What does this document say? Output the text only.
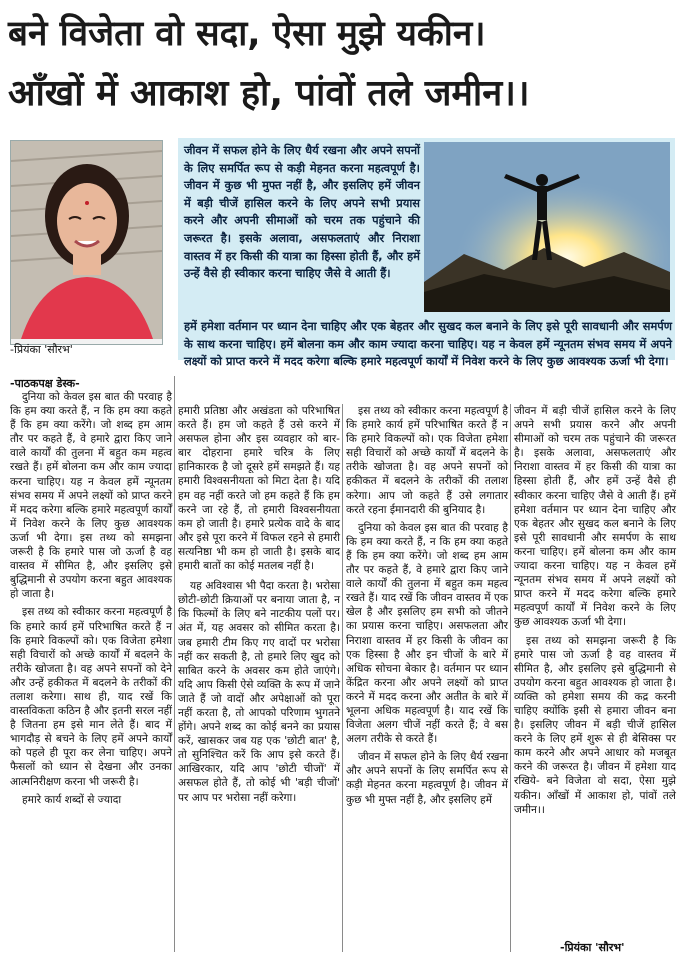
बने विजेता वो सदा, ऐसा मुझे यकीन।
आँखों में आकाश हो, पांवों तले जमीन।।
-प्रियंका 'सौरभ'
जीवन में सफल होने के लिए धैर्य रखना और अपने सपनों के लिए समर्पित रूप से कड़ी मेहनत करना महत्वपूर्ण है। जीवन में कुछ भी मुफ्त नहीं है, और इसलिए हमें जीवन में बड़ी चीजें हासिल करने के लिए अपने सभी प्रयास करने और अपनी सीमाओं को चरम तक पहुंचाने की जरूरत है। इसके अलावा, असफलताएं और निराशा वास्तव में हर किसी की यात्रा का हिस्सा होती हैं, और हमें उन्हें वैसे ही स्वीकार करना चाहिए जैसे वे आती हैं।
हमें हमेशा वर्तमान पर ध्यान देना चाहिए और एक बेहतर और सुखद कल बनाने के लिए इसे पूरी सावधानी और समर्पण के साथ करना चाहिए। हमें बोलना कम और काम ज्यादा करना चाहिए। यह न केवल हमें न्यूनतम संभव समय में अपने लक्ष्यों को प्राप्त करने में मदद करेगा बल्कि हमारे महत्वपूर्ण कार्यों में निवेश करने के लिए कुछ आवश्यक ऊर्जा भी देगा।
-पाठकपक्ष डेस्क-

दुनिया को केवल इस बात की परवाह है कि हम क्या करते हैं, न कि हम क्या कहते हैं कि हम क्या करेंगे। जो शब्द हम आम तौर पर कहते हैं, वे हमारे द्वारा किए जाने वाले कार्यों की तुलना में बहुत कम महत्व रखते हैं। हमें बोलना कम और काम ज्यादा करना चाहिए। यह न केवल हमें न्यूनतम संभव समय में अपने लक्ष्यों को प्राप्त करने में मदद करेगा बल्कि हमारे महत्वपूर्ण कार्यों में निवेश करने के लिए कुछ आवश्यक ऊर्जा भी देगा। इस तथ्य को समझना जरूरी है कि हमारे पास जो ऊर्जा है वह वास्तव में सीमित है, और इसलिए इसे बुद्धिमानी से उपयोग करना बहुत आवश्यक हो जाता है।

इस तथ्य को स्वीकार करना महत्वपूर्ण है कि हमारे कार्य हमें परिभाषित करते हैं न कि हमारे विकल्पों को। एक विजेता हमेशा सही विचारों को अच्छे कार्यों में बदलने के तरीके खोजता है। वह अपने सपनों को देने और उन्हें हकीकत में बदलने के तरीकों की तलाश करेगा। साथ ही, याद रखें कि वास्तविकता कठिन है और इतनी सरल नहीं है जितना हम इसे मान लेते हैं। बाद में भागदौड़ से बचने के लिए हमें अपने कार्यों को पहले ही पूरा कर लेना चाहिए। अपने फैसलों को ध्यान से देखना और उनका आत्मनिरीक्षण करना भी जरूरी है।

हमारे कार्य शब्दों से ज्यादा

हमारी प्रतिष्ठा और अखंडता को परिभाषित करते हैं। हम जो कहते हैं उसे करने में असफल होना और इस व्यवहार को बार-बार दोहराना हमारे चरित्र के लिए हानिकारक है जो दूसरे हमें समझते हैं। यह हमारी विश्वसनीयता को मिटा देता है। यदि हम वह नहीं करते जो हम कहते हैं कि हम करने जा रहे हैं, तो हमारी विश्वसनीयता कम हो जाती है। हमारे प्रत्येक वादे के बाद और इसे पूरा करने में विफल रहने से हमारी सत्यनिष्ठा भी कम हो जाती है। इसके बाद हमारी बातों का कोई मतलब नहीं है।

यह अविश्वास भी पैदा करता है। भरोसा छोटी-छोटी क्रियाओं पर बनाया जाता है, न कि फिल्मों के लिए बने नाटकीय पलों पर। अंत में, यह अवसर को सीमित करता है। जब हमारी टीम किए गए वादों पर भरोसा नहीं कर सकती है, तो हमारे लिए खुद को साबित करने के अवसर कम होते जाएंगे। यदि आप किसी ऐसे व्यक्ति के रूप में जाने जाते हैं जो वादों और अपेक्षाओं को पूरा नहीं करता है, तो आपको परिणाम भुगतने होंगे। अपने शब्द का कोई बनने का प्रयास करें, खासकर जब यह एक 'छोटी बात' है, तो सुनिश्चित करें कि आप इसे करते हैं। आखिरकार, यदि आप 'छोटी चीजों' में असफल होते हैं, तो कोई भी 'बड़ी चीजों' पर आप पर भरोसा नहीं करेगा।

इस तथ्य को स्वीकार करना महत्वपूर्ण है कि हमारे कार्य हमें परिभाषित करते हैं न कि हमारे विकल्पों को। एक विजेता हमेशा सही विचारों को अच्छे कार्यों में बदलने के तरीके खोजता है। वह अपने सपनों को हकीकत में बदलने के तरीकों की तलाश करेगा। आप जो कहते हैं उसे लगातार करते रहना ईमानदारी की बुनियाद है।

दुनिया को केवल इस बात की परवाह है कि हम क्या करते हैं, न कि हम क्या कहते हैं कि हम क्या करेंगे। जो शब्द हम आम तौर पर कहते हैं, वे हमारे द्वारा किए जाने वाले कार्यों की तुलना में बहुत कम महत्व रखते हैं। याद रखें कि जीवन वास्तव में एक खेल है और इसलिए हम सभी को जीतने का प्रयास करना चाहिए। असफलता और निराशा वास्तव में हर किसी के जीवन का एक हिस्सा है और इन चीजों के बारे में अधिक सोचना बेकार है। वर्तमान पर ध्यान केंद्रित करना और अपने लक्ष्यों को प्राप्त करने में मदद करना और अतीत के बारे में भूलना अधिक महत्वपूर्ण है। याद रखें कि विजेता अलग चीजें नहीं करते हैं; वे बस अलग तरीके से करते हैं।

जीवन में सफल होने के लिए धैर्य रखना और अपने सपनों के लिए समर्पित रूप से कड़ी मेहनत करना महत्वपूर्ण है। जीवन में कुछ भी मुफ्त नहीं है, और इसलिए हमें

जीवन में बड़ी चीजें हासिल करने के लिए अपने सभी प्रयास करने और अपनी सीमाओं को चरम तक पहुंचाने की जरूरत है। इसके अलावा, असफलताएं और निराशा वास्तव में हर किसी की यात्रा का हिस्सा होती हैं, और हमें उन्हें वैसे ही स्वीकार करना चाहिए जैसे वे आती हैं। हमें हमेशा वर्तमान पर ध्यान देना चाहिए और एक बेहतर और सुखद कल बनाने के लिए इसे पूरी सावधानी और समर्पण के साथ करना चाहिए। हमें बोलना कम और काम ज्यादा करना चाहिए। यह न केवल हमें न्यूनतम संभव समय में अपने लक्ष्यों को प्राप्त करने में मदद करेगा बल्कि हमारे महत्वपूर्ण कार्यों में निवेश करने के लिए कुछ आवश्यक ऊर्जा भी देगा।

इस तथ्य को समझना जरूरी है कि हमारे पास जो ऊर्जा है वह वास्तव में सीमित है, और इसलिए इसे बुद्धिमानी से उपयोग करना बहुत आवश्यक हो जाता है। व्यक्ति को हमेशा समय की कद्र करनी चाहिए क्योंकि इसी से हमारा जीवन बना है। इसलिए जीवन में बड़ी चीजें हासिल करने के लिए हमें शुरू से ही बेसिक्स पर काम करने और अपने आधार को मजबूत करने की जरूरत है। जीवन में हमेशा याद रखिये- बने विजेता वो सदा, ऐसा मुझे यकीन। आँखों में आकाश हो, पांवों तले जमीन।।

-प्रियंका 'सौरभ'
